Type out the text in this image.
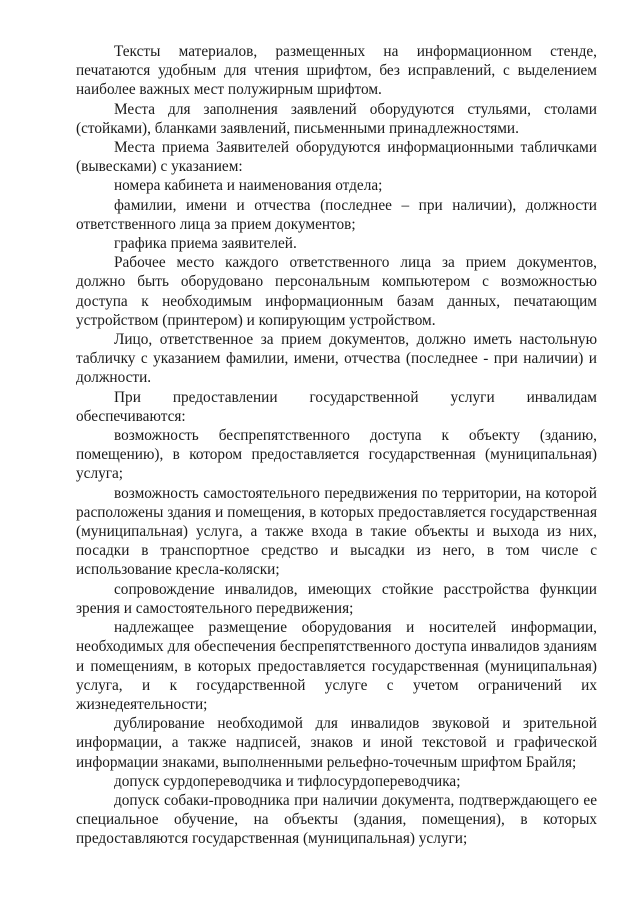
Тексты материалов, размещенных на информационном стенде, печатаются удобным для чтения шрифтом, без исправлений, с выделением наиболее важных мест полужирным шрифтом.

Места для заполнения заявлений оборудуются стульями, столами (стойками), бланками заявлений, письменными принадлежностями.

Места приема Заявителей оборудуются информационными табличками (вывесками) с указанием:

номера кабинета и наименования отдела;

фамилии, имени и отчества (последнее – при наличии), должности ответственного лица за прием документов;

графика приема заявителей.

Рабочее место каждого ответственного лица за прием документов, должно быть оборудовано персональным компьютером с возможностью доступа к необходимым информационным базам данных, печатающим устройством (принтером) и копирующим устройством.

Лицо, ответственное за прием документов, должно иметь настольную табличку с указанием фамилии, имени, отчества (последнее - при наличии) и должности.

При предоставлении государственной услуги инвалидам обеспечиваются:

возможность беспрепятственного доступа к объекту (зданию, помещению), в котором предоставляется государственная (муниципальная) услуга;

возможность самостоятельного передвижения по территории, на которой расположены здания и помещения, в которых предоставляется государственная (муниципальная) услуга, а также входа в такие объекты и выхода из них, посадки в транспортное средство и высадки из него, в том числе с использование кресла-коляски;

сопровождение инвалидов, имеющих стойкие расстройства функции зрения и самостоятельного передвижения;

надлежащее размещение оборудования и носителей информации, необходимых для обеспечения беспрепятственного доступа инвалидов зданиям и помещениям, в которых предоставляется государственная (муниципальная) услуга, и к государственной услуге с учетом ограничений их жизнедеятельности;

дублирование необходимой для инвалидов звуковой и зрительной информации, а также надписей, знаков и иной текстовой и графической информации знаками, выполненными рельефно-точечным шрифтом Брайля;

допуск сурдопереводчика и тифлосурдопереводчика;

допуск собаки-проводника при наличии документа, подтверждающего ее специальное обучение, на объекты (здания, помещения), в которых предоставляются государственная (муниципальная) услуги;
